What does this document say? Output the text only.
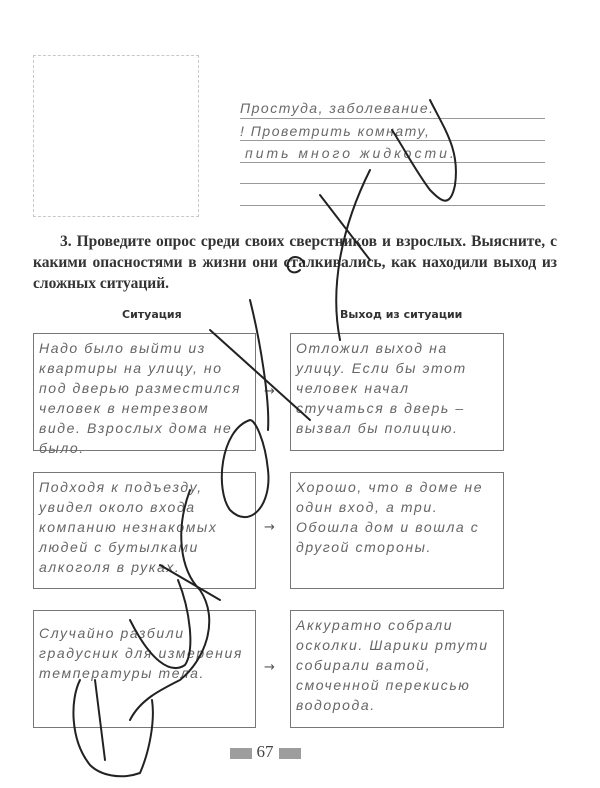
Простуда, заболевание.
! Проветрить комнату,
пить много жидкости.
3. Проведите опрос среди своих сверстников и взрослых. Выясните, с какими опасностями в жизни они сталкивались, как находили выход из сложных ситуаций.
Ситуация	Выход из ситуации
Надо было выйти из квартиры на улицу, но под дверью разместился человек в нетрезвом виде. Взрослых дома не было.
→
Отложил выход на улицу. Если бы этот человек начал стучаться в дверь – вызвал бы полицию.
Подходя к подъезду, увидел около входа компанию незнакомых людей с бутылками алкоголя в руках.
→
Хорошо, что в доме не один вход, а три. Обошла дом и вошла с другой стороны.
Случайно разбили градусник для измерения температуры тела.	→
Аккуратно собрали осколки. Шарики ртути собирали ватой, смоченной перекисью водорода.
67
